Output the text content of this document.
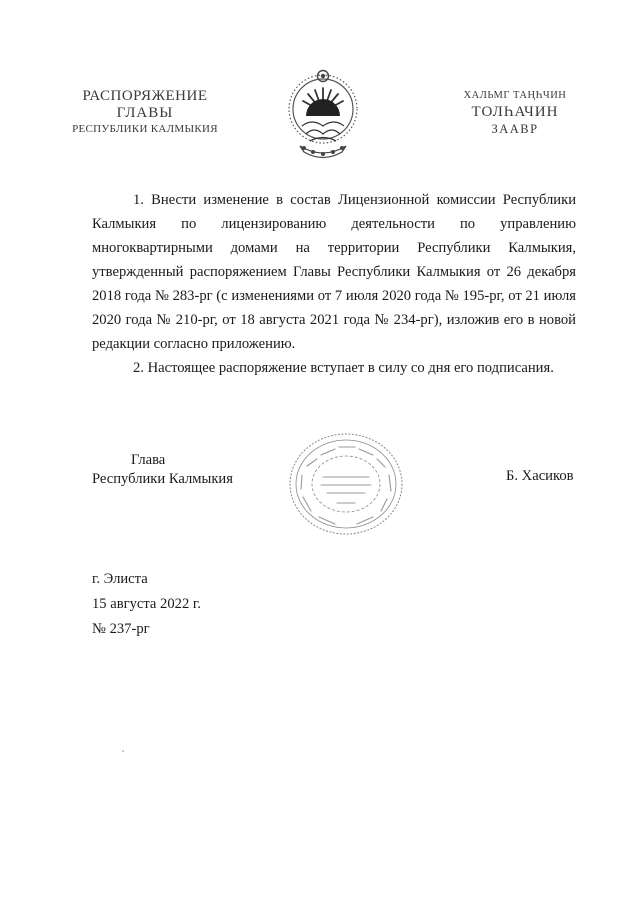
РАСПОРЯЖЕНИЕ
ГЛАВЫ
РЕСПУБЛИКИ КАЛМЫКИЯ
ХАЛЬМГ ТАҢҺЧИН
ТОЛҺАЧИН
ЗААВР

1. Внести изменение в состав Лицензионной комиссии Республики Калмыкия по лицензированию деятельности по управлению многоквартирными домами на территории Республики Калмыкия, утвержденный распоряжением Главы Республики Калмыкия от 26 декабря 2018 года № 283-рг (с изменениями от 7 июля 2020 года № 195-рг, от 21 июля 2020 года № 210-рг, от 18 августа 2021 года № 234-рг), изложив его в новой редакции согласно приложению.

2. Настоящее распоряжение вступает в силу со дня его подписания.

Глава
Республики Калмыкия	Б. Хасиков
г. Элиста
15 августа 2022 г.
№ 237-рг
